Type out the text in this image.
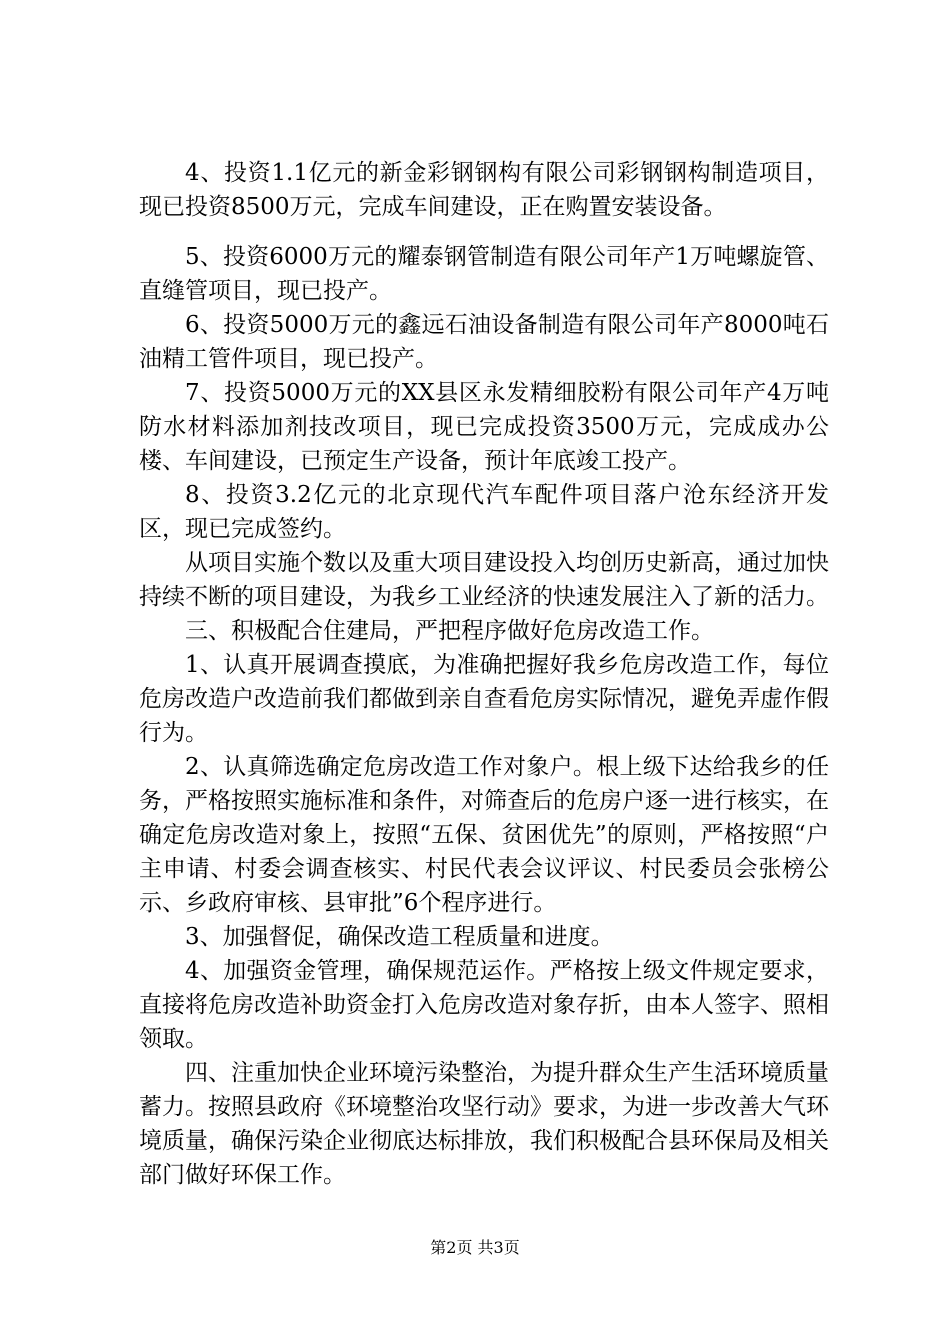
4、投资1.1亿元的新金彩钢钢构有限公司彩钢钢构制造项目，现已投资8500万元，完成车间建设，正在购置安装设备。

5、投资6000万元的耀泰钢管制造有限公司年产1万吨螺旋管、直缝管项目，现已投产。

6、投资5000万元的鑫远石油设备制造有限公司年产8000吨石油精工管件项目，现已投产。

7、投资5000万元的XX县区永发精细胶粉有限公司年产4万吨防水材料添加剂技改项目，现已完成投资3500万元，完成成办公楼、车间建设，已预定生产设备，预计年底竣工投产。

8、投资3.2亿元的北京现代汽车配件项目落户沧东经济开发区，现已完成签约。

从项目实施个数以及重大项目建设投入均创历史新高，通过加快持续不断的项目建设，为我乡工业经济的快速发展注入了新的活力。

三、积极配合住建局，严把程序做好危房改造工作。

1、认真开展调查摸底，为准确把握好我乡危房改造工作，每位危房改造户改造前我们都做到亲自查看危房实际情况，避免弄虚作假行为。

2、认真筛选确定危房改造工作对象户。根上级下达给我乡的任务，严格按照实施标准和条件，对筛查后的危房户逐一进行核实，在确定危房改造对象上，按照“五保、贫困优先”的原则，严格按照“户主申请、村委会调查核实、村民代表会议评议、村民委员会张榜公示、乡政府审核、县审批”6个程序进行。

3、加强督促，确保改造工程质量和进度。

4、加强资金管理，确保规范运作。严格按上级文件规定要求，直接将危房改造补助资金打入危房改造对象存折，由本人签字、照相领取。

四、注重加快企业环境污染整治，为提升群众生产生活环境质量蓄力。按照县政府《环境整治攻坚行动》要求，为进一步改善大气环境质量，确保污染企业彻底达标排放，我们积极配合县环保局及相关部门做好环保工作。

第2页 共3页
